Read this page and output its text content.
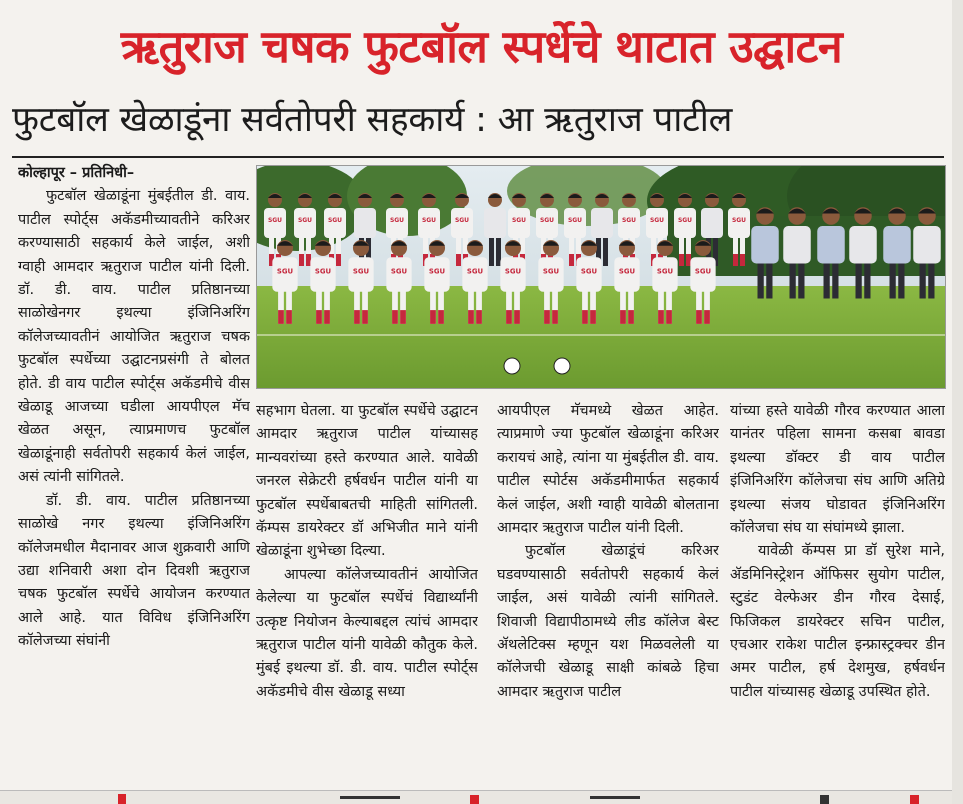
ऋतुराज चषक फुटबॉल स्पर्धेचे थाटात उद्घाटन
फुटबॉल खेळाडूंना सर्वतोपरी सहकार्य : आ ऋतुराज पाटील

कोल्हापूर – प्रतिनिधी–

फुटबॉल खेळाडूंना मुंबईतील डी. वाय. पाटील स्पोर्ट्स अकॅडमीच्यावतीने करिअर करण्यासाठी सहकार्य केले जाईल, अशी ग्वाही आमदार ऋतुराज पाटील यांनी दिली. डॉ. डी. वाय. पाटील प्रतिष्ठानच्या साळोखेनगर इथल्या इंजिनिअरिंग कॉलेजच्यावतीनं आयोजित ऋतुराज चषक फुटबॉल स्पर्धेच्या उद्घाटनप्रसंगी ते बोलत होते. डी वाय पाटील स्पोर्ट्स अकॅडमीचे वीस खेळाडू आजच्या घडीला आयपीएल मॅच खेळत असून, त्याप्रमाणच फुटबॉल खेळाडूंनाही सर्वतोपरी सहकार्य केलं जाईल, असं त्यांनी सांगितले.

डॉ. डी. वाय. पाटील प्रतिष्ठानच्या साळोखे नगर इथल्या इंजिनिअरिंग कॉलेजमधील मैदानावर आज शुक्रवारी आणि उद्या शनिवारी अशा दोन दिवशी ऋतुराज चषक फुटबॉल स्पर्धेचे आयोजन करण्यात आले आहे. यात विविध इंजिनिअरिंग कॉलेजच्या संघांनी

SGU	SGU	SGU	SGU	SGU	SGU	SGU SGU SGU	SGU SGU SGU	SGU
SGU	SGU	SGU	SGU	SGU	SGU	SGU	SGU	SGU	SGU	SGU	SGU

सहभाग घेतला. या फुटबॉल स्पर्धेचे उद्घाटन आमदार ऋतुराज पाटील यांच्यासह मान्यवरांच्या हस्ते करण्यात आले. यावेळी जनरल सेक्रेटरी हर्षवर्धन पाटील यांनी या फुटबॉल स्पर्धेबाबतची माहिती सांगितली. कॅम्पस डायरेक्टर डॉ अभिजीत माने यांनी खेळाडूंना शुभेच्छा दिल्या.

आपल्या कॉलेजच्यावतीनं आयोजित केलेल्या या फुटबॉल स्पर्धेचं विद्यार्थ्यांनी उत्कृष्ट नियोजन केल्याबद्दल त्यांचं आमदार ऋतुराज पाटील यांनी यावेळी कौतुक केले. मुंबई इथल्या डॉ. डी. वाय. पाटील स्पोर्ट्स अकॅडमीचे वीस खेळाडू सध्या

आयपीएल मॅचमध्ये खेळत आहेत. त्याप्रमाणे ज्या फुटबॉल खेळाडूंना करिअर करायचं आहे, त्यांना या मुंबईतील डी. वाय. पाटील स्पोर्टस अकॅडमीमार्फत सहकार्य केलं जाईल, अशी ग्वाही यावेळी बोलताना आमदार ऋतुराज पाटील यांनी दिली.

फुटबॉल खेळाडूंचं करिअर घडवण्यासाठी सर्वतोपरी सहकार्य केलं जाईल, असं यावेळी त्यांनी सांगितले. शिवाजी विद्यापीठामध्ये लीड कॉलेज बेस्ट ॲथलेटिक्स म्हणून यश मिळवलेली या कॉलेजची खेळाडू साक्षी कांबळे हिचा आमदार ऋतुराज पाटील

यांच्या हस्ते यावेळी गौरव करण्यात आला यानंतर पहिला सामना कसबा बावडा इथल्या डॉक्टर डी वाय पाटील इंजिनिअरिंग कॉलेजचा संघ आणि अतिग्रे इथल्या संजय घोडावत इंजिनिअरिंग कॉलेजचा संघ या संघांमध्ये झाला.

यावेळी कॅम्पस प्रा डॉ सुरेश माने, ॲडमिनिस्ट्रेशन ऑफिसर सुयोग पाटील, स्टुडंट वेल्फेअर डीन गौरव देसाई, फिजिकल डायरेक्टर सचिन पाटील, एचआर राकेश पाटील इन्फ्रास्ट्रक्चर डीन अमर पाटील, हर्ष देशमुख, हर्षवर्धन पाटील यांच्यासह खेळाडू उपस्थित होते.
